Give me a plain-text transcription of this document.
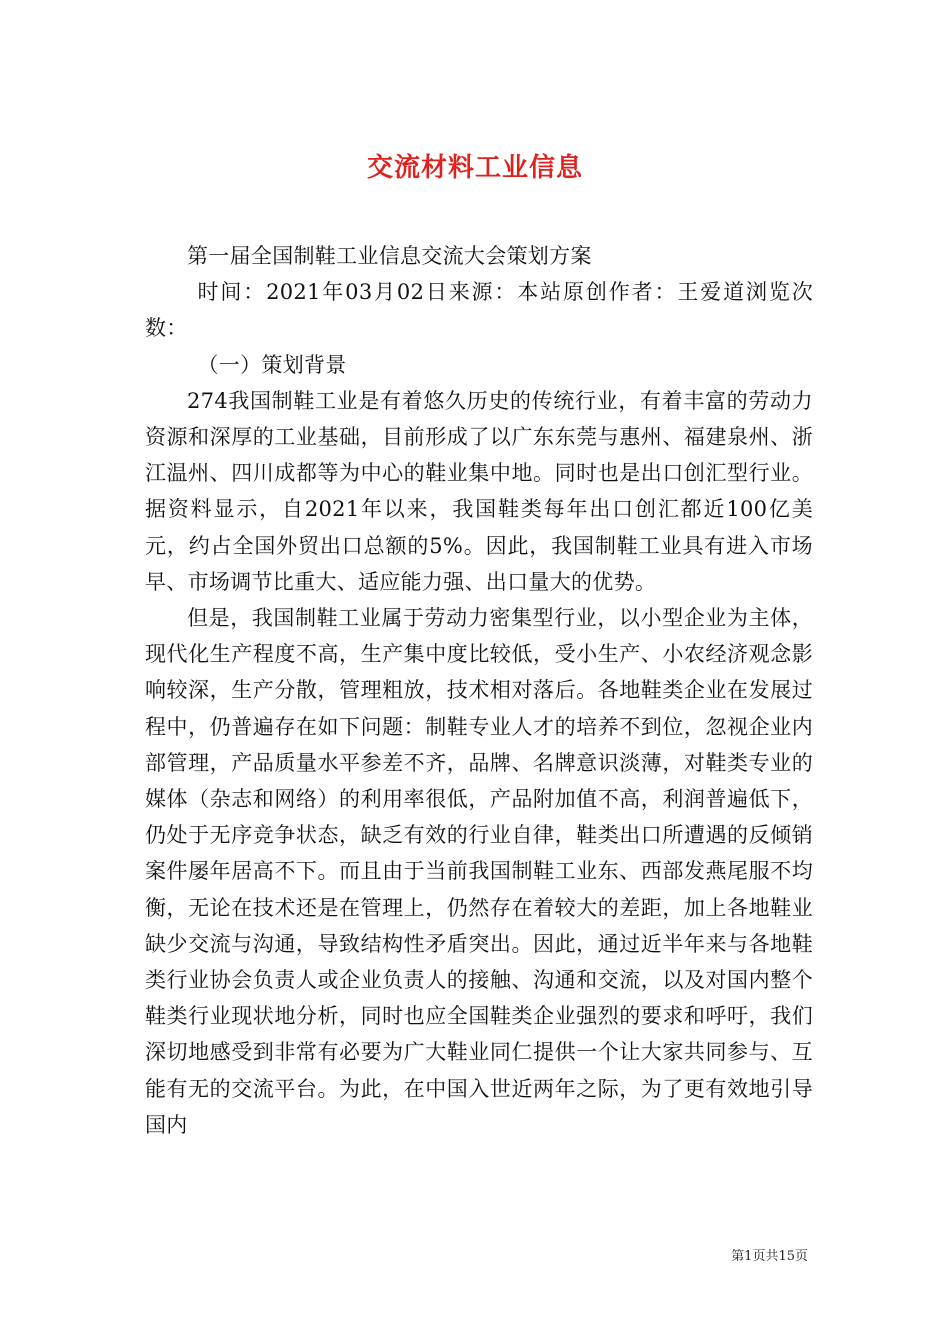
交流材料工业信息

第一届全国制鞋工业信息交流大会策划方案

时间：2021年03月02日来源：本站原创作者：王爱道浏览次数：

（一）策划背景

274我国制鞋工业是有着悠久历史的传统行业，有着丰富的劳动力资源和深厚的工业基础，目前形成了以广东东莞与惠州、福建泉州、浙江温州、四川成都等为中心的鞋业集中地。同时也是出口创汇型行业。据资料显示，自2021年以来，我国鞋类每年出口创汇都近100亿美元，约占全国外贸出口总额的5%。因此，我国制鞋工业具有进入市场早、市场调节比重大、适应能力强、出口量大的优势。

但是，我国制鞋工业属于劳动力密集型行业，以小型企业为主体，现代化生产程度不高，生产集中度比较低，受小生产、小农经济观念影响较深，生产分散，管理粗放，技术相对落后。各地鞋类企业在发展过程中，仍普遍存在如下问题：制鞋专业人才的培养不到位，忽视企业内部管理，产品质量水平参差不齐，品牌、名牌意识淡薄，对鞋类专业的媒体（杂志和网络）的利用率很低，产品附加值不高，利润普遍低下，仍处于无序竞争状态，缺乏有效的行业自律，鞋类出口所遭遇的反倾销案件屡年居高不下。而且由于当前我国制鞋工业东、西部发燕尾服不均衡，无论在技术还是在管理上，仍然存在着较大的差距，加上各地鞋业缺少交流与沟通，导致结构性矛盾突出。因此，通过近半年来与各地鞋类行业协会负责人或企业负责人的接触、沟通和交流，以及对国内整个鞋类行业现状地分析，同时也应全国鞋类企业强烈的要求和呼吁，我们深切地感受到非常有必要为广大鞋业同仁提供一个让大家共同参与、互能有无的交流平台。为此，在中国入世近两年之际，为了更有效地引导国内

第1页共15页
